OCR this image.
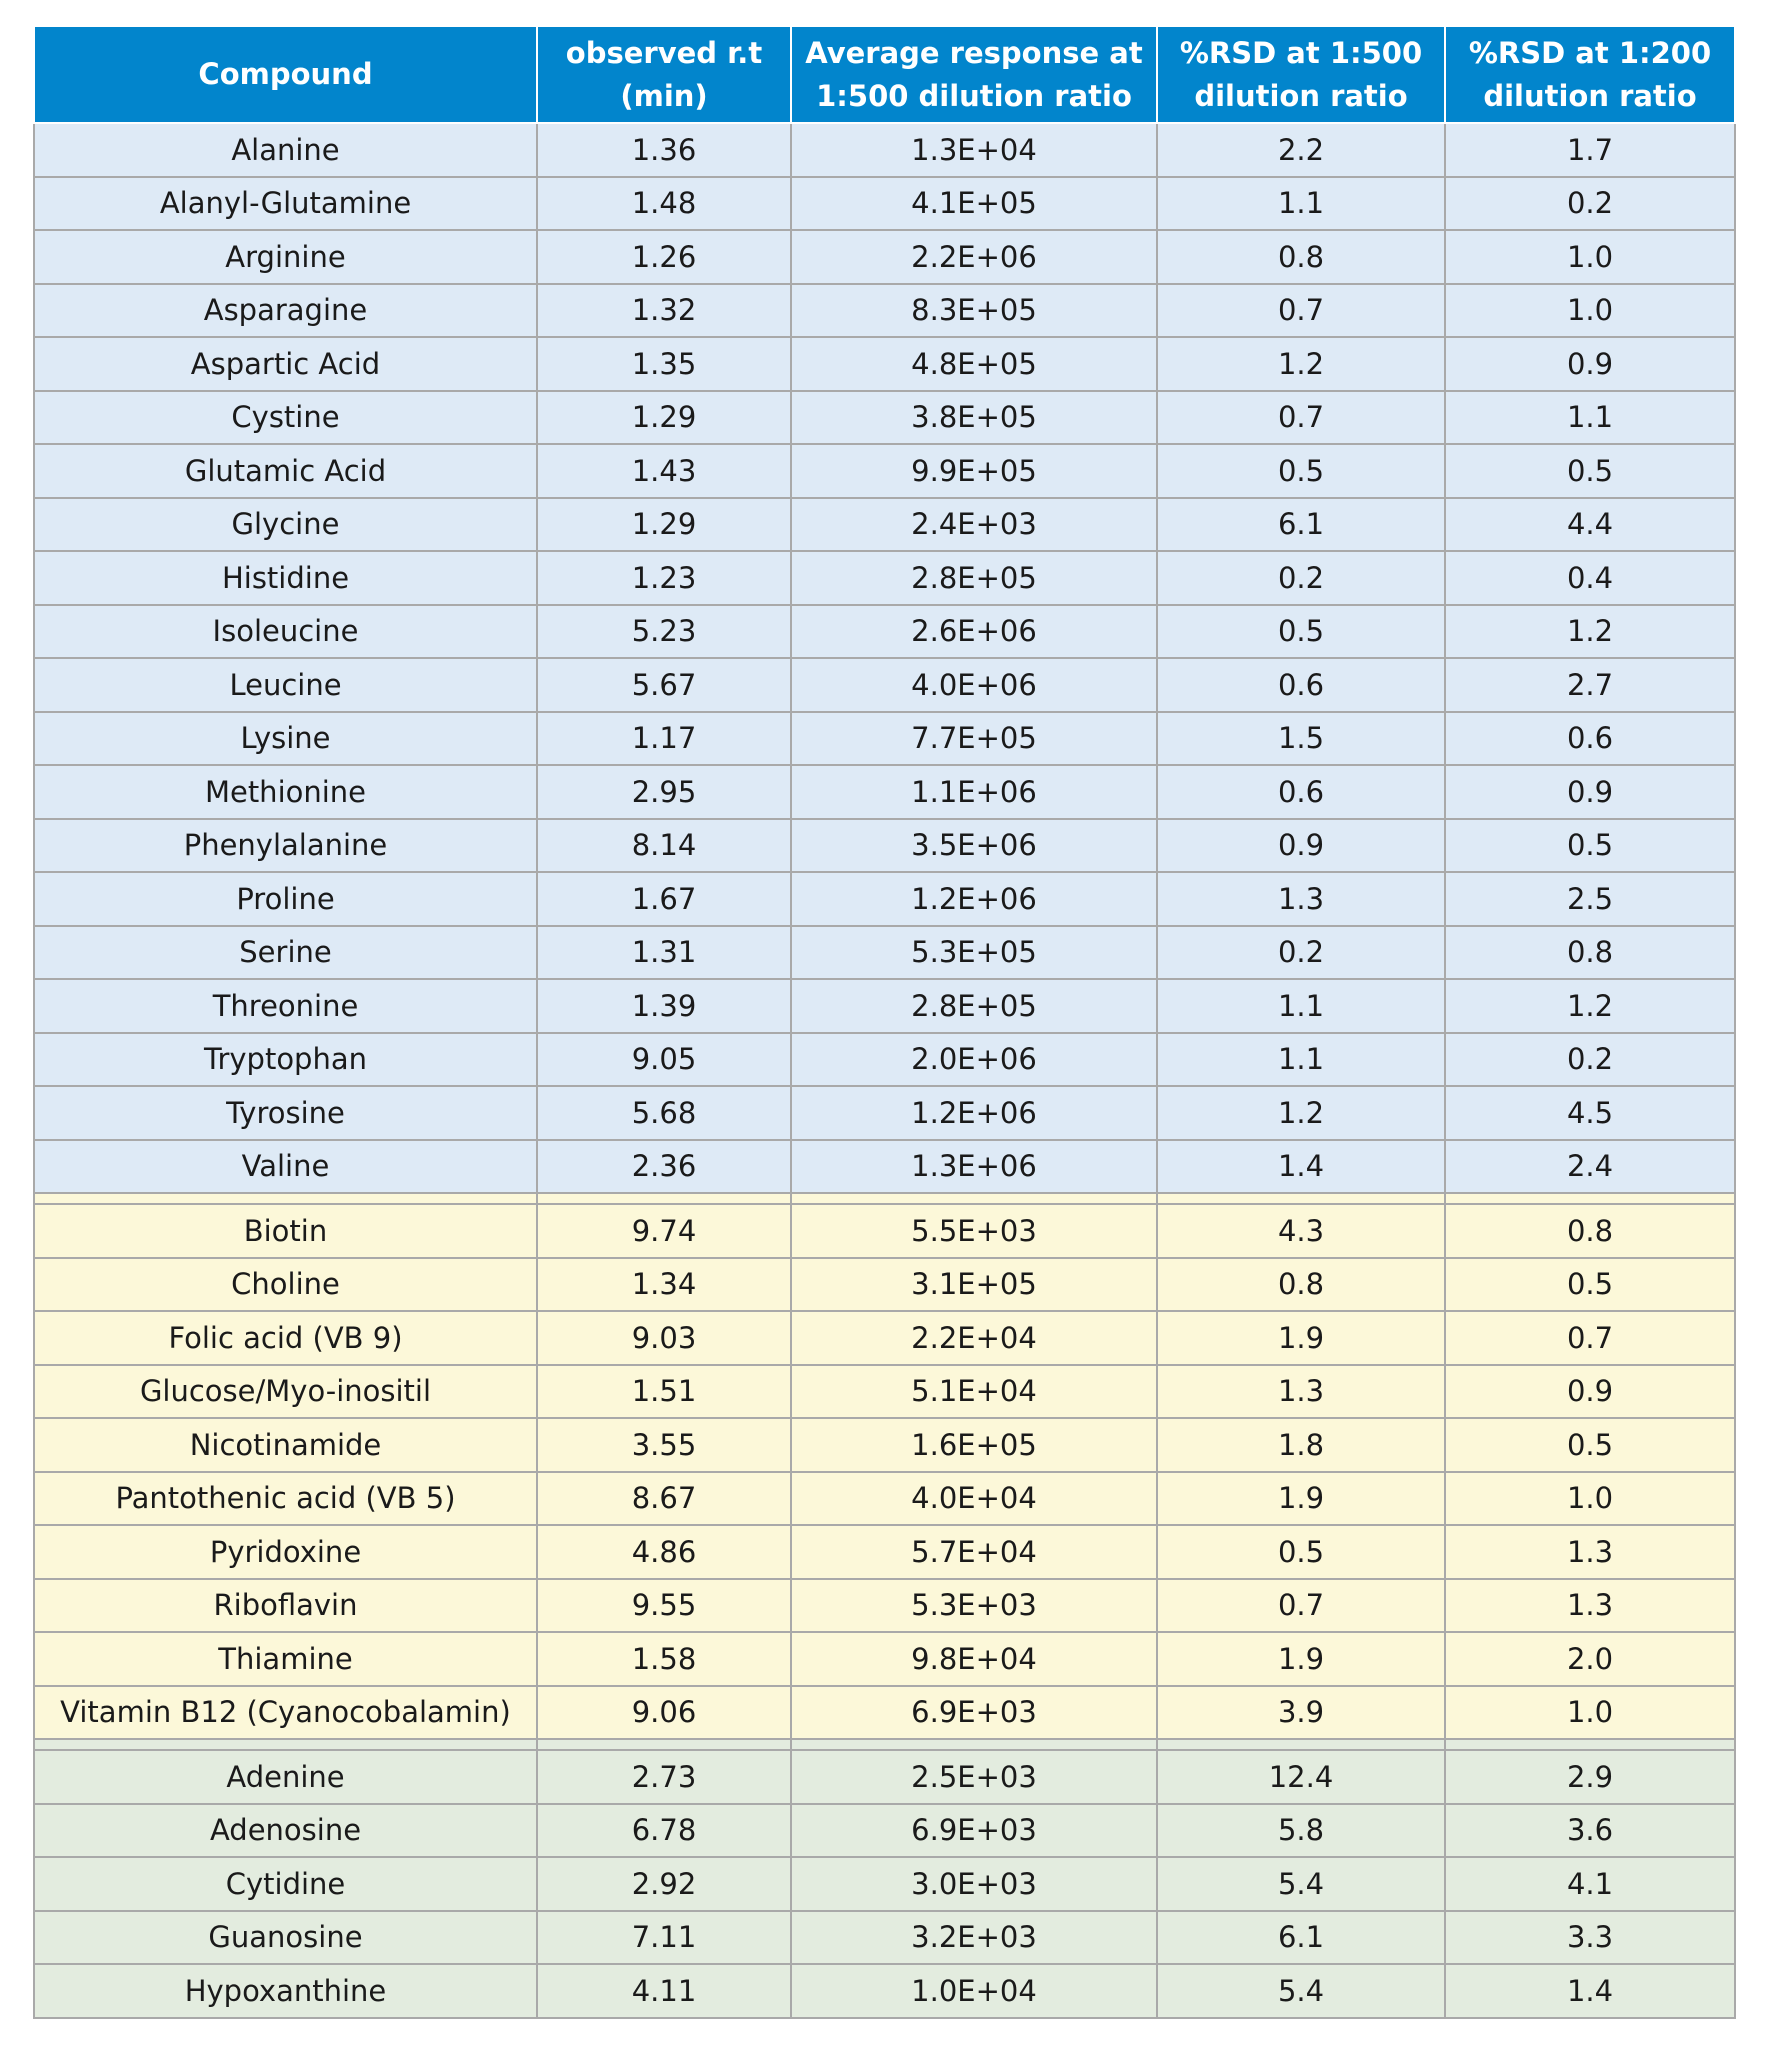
Compound	observed r.t (min)	Average response at 1:500 dilution ratio	%RSD at 1:500 dilution ratio	%RSD at 1:200 dilution ratio
Alanine	1.36	1.3E+04	2.2	1.7
Alanyl-Glutamine	1.48	4.1E+05	1.1	0.2
Arginine	1.26	2.2E+06	0.8	1.0
Asparagine	1.32	8.3E+05	0.7	1.0
Aspartic Acid	1.35	4.8E+05	1.2	0.9
Cystine	1.29	3.8E+05	0.7	1.1
Glutamic Acid	1.43	9.9E+05	0.5	0.5
Glycine	1.29	2.4E+03	6.1	4.4
Histidine	1.23	2.8E+05	0.2	0.4
Isoleucine	5.23	2.6E+06	0.5	1.2
Leucine	5.67	4.0E+06	0.6	2.7
Lysine	1.17	7.7E+05	1.5	0.6
Methionine	2.95	1.1E+06	0.6	0.9
Phenylalanine	8.14	3.5E+06	0.9	0.5
Proline	1.67	1.2E+06	1.3	2.5
Serine	1.31	5.3E+05	0.2	0.8
Threonine	1.39	2.8E+05	1.1	1.2
Tryptophan	9.05	2.0E+06	1.1	0.2
Tyrosine	5.68	1.2E+06	1.2	4.5
Valine	2.36	1.3E+06	1.4	2.4

Biotin	9.74	5.5E+03	4.3	0.8
Choline	1.34	3.1E+05	0.8	0.5
Folic acid (VB 9)	9.03	2.2E+04	1.9	0.7
Glucose/Myo-inositil	1.51	5.1E+04	1.3	0.9
Nicotinamide	3.55	1.6E+05	1.8	0.5
Pantothenic acid (VB 5)	8.67	4.0E+04	1.9	1.0
Pyridoxine	4.86	5.7E+04	0.5	1.3
Riboflavin	9.55	5.3E+03	0.7	1.3
Thiamine	1.58	9.8E+04	1.9	2.0
Vitamin B12 (Cyanocobalamin)	9.06	6.9E+03	3.9	1.0

Adenine	2.73	2.5E+03	12.4	2.9
Adenosine	6.78	6.9E+03	5.8	3.6
Cytidine	2.92	3.0E+03	5.4	4.1
Guanosine	7.11	3.2E+03	6.1	3.3
Hypoxanthine	4.11	1.0E+04	5.4	1.4
